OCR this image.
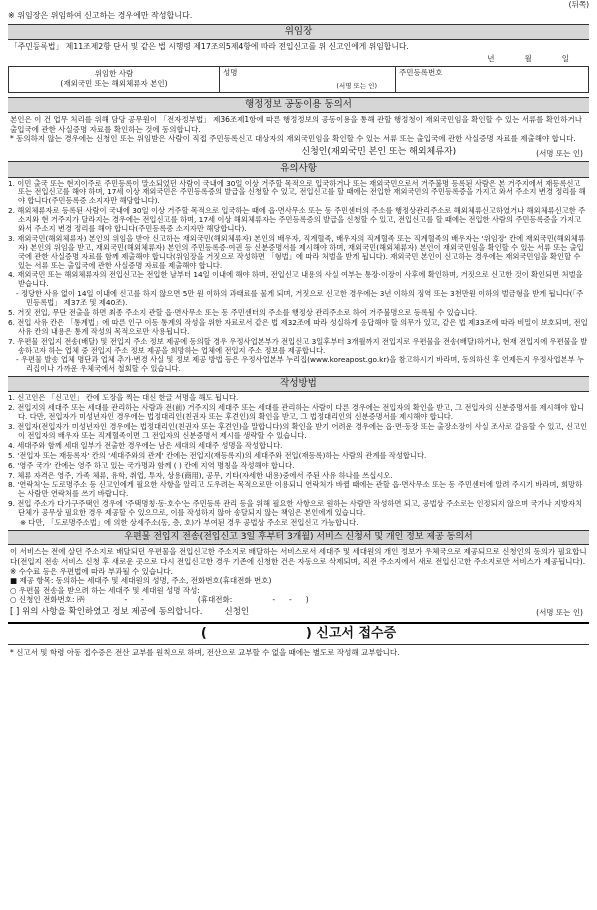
(뒤쪽)
※ 위임장은 위임하여 신고하는 경우에만 작성합니다.
위임장

「주민등록법」 제11조제2항 단서 및 같은 법 시행령 제17조의5제4항에 따라 전입신고를 위 신고인에게 위임합니다.

년	월	일
위임한 사람
(재외국민 또는 해외체류자 본인)
성명
(서명 또는 인)
주민등록번호
행정정보 공동이용 동의서

본인은 이 건 업무 처리를 위해 담당 공무원이 「전자정부법」 제36조제1항에 따른 행정정보의 공동이용을 통해 관할 행정청이 재외국민임을 확인할 수 있는 서류를 확인하거나 출입국에 관한 사실증명 자료를 확인하는 것에 동의합니다.

* 동의하지 않는 경우에는 신청인 또는 위임받은 사람이 직접 주민등록신고 대상자의 재외국민임을 확인할 수 있는 서류 또는 출입국에 관한 사실증명 자료를 제출해야 합니다.

신청인(재외국민 본인 또는 해외체류자)	(서명 또는 인)
유의사항

1. 이민 출국 또는 현지이주로 주민등록이 말소되었던 사람이 국내에 30일 이상 거주할 목적으로 입국하거나 또는 재외국민으로서 거주불명 등록된 사람은 본 거주지에서 재등록신고 또는 전입신고를 해야 하며, 17세 이상 재외국민은 주민등록증의 발급을 신청할 수 있고, 전입신고를 할 때에는 전입한 재외국민의 주민등록증을 가지고 와서 주소지 변경 정리를 해야 합니다(주민등록증 소지자만 해당합니다).

2. 해외체류자로 등록된 사람이 국내에 30일 이상 거주할 목적으로 입국하는 때에 읍·면사무소 또는 동 주민센터의 주소를 행정상관리주소로 해외체류신고하였거나 해외체류신고한 주소지와 현 거주지가 달라지는 경우에는 전입신고를 하며, 17세 이상 해외체류자는 주민등록증의 발급을 신청할 수 있고, 전입신고를 할 때에는 전입한 사람의 주민등록증을 가지고 와서 주소지 변경 정리를 해야 합니다(주민등록증 소지자만 해당합니다).

3. 재외국민(해외체류자) 본인의 위임을 받아 신고하는 재외국민(해외체류자) 본인의 배우자, 직계혈족, 배우자의 직계혈족 또는 직계혈족의 배우자는 '위임장' 칸에 재외국민(해외체류자) 본인의 위임을 받고, 재외국민(해외체류자) 본인의 주민등록증·여권 등 신분증명서를 제시해야 하며, 재외국민(해외체류자) 본인이 재외국민임을 확인할 수 있는 서류 또는 출입국에 관한 사실증명 자료를 함께 제출해야 합니다(위임장을 거짓으로 작성하면 「형법」에 따라 처벌을 받게 됩니다). 재외국민 본인이 신고하는 경우에는 재외국민임을 확인할 수 있는 서류 또는 출입국에 관한 사실증명 자료를 제출해야 합니다.

4. 재외국민 또는 해외체류자의 전입신고는 전입한 날부터 14일 이내에 해야 하며, 전입신고 내용의 사실 여부는 통장·이장이 사후에 확인하며, 거짓으로 신고한 것이 확인되면 처벌을 받습니다.

- 정당한 사유 없이 14일 이내에 신고를 하지 않으면 5만 원 이하의 과태료를 물게 되며, 거짓으로 신고한 경우에는 3년 이하의 징역 또는 3천만원 이하의 벌금형을 받게 됩니다(「주민등록법」 제37조 및 제40조).

5. 거짓 전입, 무단 전출을 하면 최종 주소지 관할 읍·면사무소 또는 동 주민센터의 주소를 행정상 관리주소로 하여 거주불명으로 등록될 수 있습니다.

6. 전입 사유 칸은 「통계법」에 따른 인구 이동 통계의 작성을 위한 자료로서 같은 법 제32조에 따라 성실하게 응답해야 할 의무가 있고, 같은 법 제33조에 따라 비밀이 보호되며, 전입 사유 칸의 내용은 통계 작성의 목적으로만 사용됩니다.

7. 우편물 전입지 전송(배달) 및 전입지 주소 정보 제공에 동의할 경우 우정사업본부가 전입신고 3일후부터 3개월까지 전입지로 우편물을 전송(배달)하거나, 현재 전입지에 우편물을 발송하고자 하는 업체 중 전입지 주소 정보 제공을 희망하는 업체에 전입지 주소 정보를 제공합니다.

- 우편물 발송 업체 명단과 업체 추가·변경 사실 및 정보 제공 방법 등은 우정사업본부 누리집(www.koreapost.go.kr)을 참고하시기 바라며, 동의하신 후 언제든지 우정사업본부 누리집이나 가까운 우체국에서 철회할 수 있습니다.

작성방법

1. 신고인은 「신고인」 칸에 도장을 찍는 대신 한글 서명을 해도 됩니다.

2. 전입지의 세대주 또는 세대를 관리하는 사람과 전(前) 거주지의 세대주 또는 세대를 관리하는 사람이 다른 경우에는 전입자의 확인을 받고, 그 전입자의 신분증명서를 제시해야 합니다. 다만, 전입자가 미성년자인 경우에는 법정대리인(친권자 또는 후견인)의 확인을 받고, 그 법정대리인의 신분증명서를 제시해야 합니다.

3. 전입자(전입자가 미성년자인 경우에는 법정대리인(친권자 또는 후견인)을 말합니다)의 확인을 받기 어려운 경우에는 읍·면·동장 또는 출장소장이 사실 조사로 갈음할 수 있고, 신고인이 전입자의 배우자 또는 직계혈족이면 그 전입자의 신분증명서 제시를 생략할 수 있습니다.

4. 세대주와 함께 세대 일부가 전출한 경우에는 남은 세대의 세대주 성명을 작성합니다.

5. '전입자 또는 재등록자' 칸의 '세대주와의 관계' 칸에는 전입지(재등록지)의 세대주와 전입(재등록)하는 사람의 관계를 작성합니다.

6. '영주 국가' 칸에는 영주 하고 있는 국가명과 함께 ( ) 칸에 지역 명칭을 작성해야 합니다.

7. 체류 자격은 영주, 가족 체류, 유학, 취업, 투자, 상용(商用), 공무, 기타(자세한 내용)중에서 주된 사유 하나를 쓰십시오.

8. '연락처'는 도로명주소 등 신고인에게 필요한 사항을 알리고 도우려는 목적으로만 이용되니 연락처가 바뀔 때에는 관할 읍·면사무소 또는 동 주민센터에 알려 주시기 바라며, 희망하는 사람만 연락처를 쓰기 바랍니다.

9. 전입 주소가 다가구주택인 경우에 '주택명칭·동·호수'는 주민등록 관리 등을 위해 필요한 사항으로 원하는 사람만 작성하면 되고, 공법상 주소로는 인정되지 않으며 국가나 지방자치단체가 공무상 필요한 경우 제공할 수 있으므로, 이를 작성하지 않아 송달되지 않는 책임은 본인에게 있습니다.

※ 다만, 「도로명주소법」에 의한 상세주소(동, 층, 호)가 부여된 경우 공법상 주소로 전입신고 가능합니다.

우편물 전입지 전송(전입신고 3일 후부터 3개월) 서비스 신청서 및 개인 정보 제공 동의서

이 서비스는 전에 살던 주소지로 배달되던 우편물을 전입신고한 주소지로 배달하는 서비스로서 세대주 및 세대원의 개인 정보가 우체국으로 제공되므로 신청인의 동의가 필요합니다(전입지 전송 서비스 신청 후 새로운 곳으로 다시 전입신고한 경우 기존에 신청한 건은 자동으로 삭제되며, 직전 주소지에서 새로 전입신고한 주소지로만 서비스가 제공됩니다).

※ 수수료 등은 우편법에 따라 부과될 수 있습니다.

■ 제공 항목: 동의하는 세대주 및 세대원의 성명, 주소, 전화번호(휴대전화 번호)

○ 우편물 전송을 받으려 하는 세대주 및 세대원 성명 작성:

○ 신청인 전화번호: ㈜	--	(휴대전화:	--)
[ ] 위의 사항을 확인하였고 정보 제공에 동의합니다.	신청인	(서명 또는 인)
(	) 신고서 접수증

* 신고서 및 학령 아동 접수증은 전산 교부를 원칙으로 하며, 전산으로 교부할 수 없을 때에는 별도로 작성해 교부합니다.
